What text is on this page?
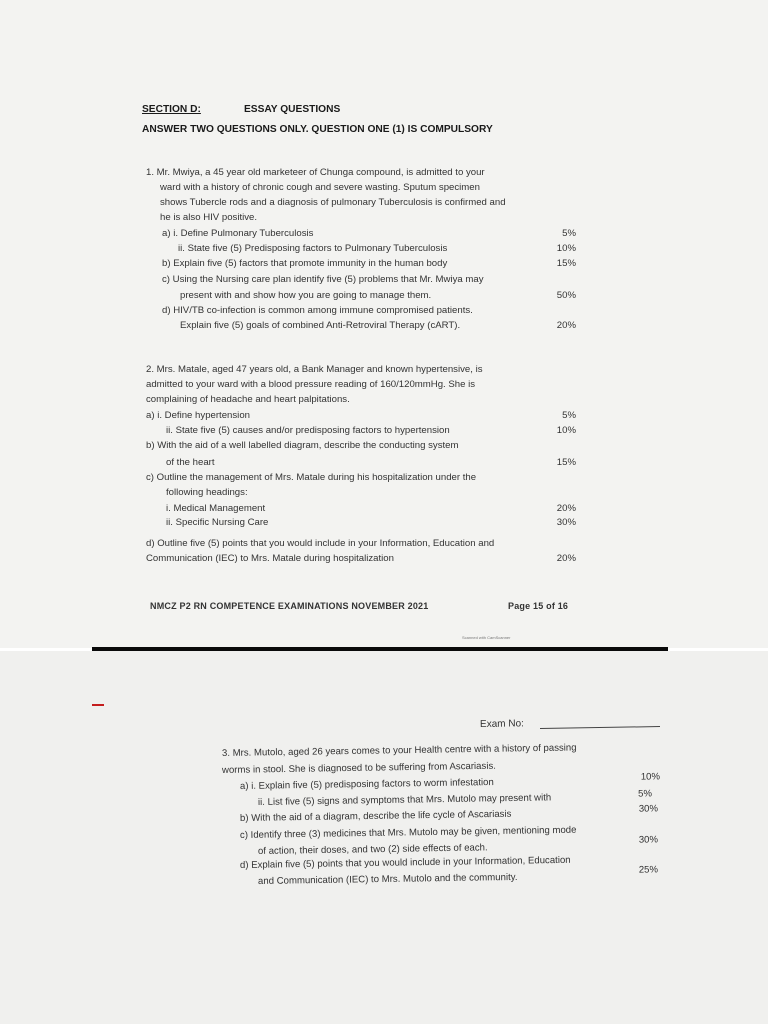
SECTION D:	ESSAY QUESTIONS
ANSWER TWO QUESTIONS ONLY. QUESTION ONE (1) IS COMPULSORY
1. Mr. Mwiya, a 45 year old marketeer of Chunga compound, is admitted to your
ward with a history of chronic cough and severe wasting. Sputum specimen
shows Tubercle rods and a diagnosis of pulmonary Tuberculosis is confirmed and
he is also HIV positive.
a) i. Define Pulmonary Tuberculosis	5%
ii. State five (5) Predisposing factors to Pulmonary Tuberculosis	10%
b) Explain five (5) factors that promote immunity in the human body	15%
c) Using the Nursing care plan identify five (5) problems that Mr. Mwiya may
present with and show how you are going to manage them.	50%
d) HIV/TB co-infection is common among immune compromised patients.
Explain five (5) goals of combined Anti-Retroviral Therapy (cART).	20%
2. Mrs. Matale, aged 47 years old, a Bank Manager and known hypertensive, is
admitted to your ward with a blood pressure reading of 160/120mmHg. She is
complaining of headache and heart palpitations.
a) i. Define hypertension	5%
ii. State five (5) causes and/or predisposing factors to hypertension	10%
b) With the aid of a well labelled diagram, describe the conducting system
of the heart	15%
c) Outline the management of Mrs. Matale during his hospitalization under the
following headings:
i. Medical Management	20%
ii. Specific Nursing Care	30%
d) Outline five (5) points that you would include in your Information, Education and
Communication (IEC) to Mrs. Matale during hospitalization	20%
NMCZ P2 RN COMPETENCE EXAMINATIONS NOVEMBER 2021	Page 15 of 16
Scanned with CamScanner
Exam No:
3. Mrs. Mutolo, aged 26 years comes to your Health centre with a history of passing
worms in stool. She is diagnosed to be suffering from Ascariasis.
a) i. Explain five (5) predisposing factors to worm infestation	10%
ii. List five (5) signs and symptoms that Mrs. Mutolo may present with	5%
b) With the aid of a diagram, describe the life cycle of Ascariasis	30%
c) Identify three (3) medicines that Mrs. Mutolo may be given, mentioning mode
of action, their doses, and two (2) side effects of each.
30%
d) Explain five (5) points that you would include in your Information, Education
and Communication (IEC) to Mrs. Mutolo and the community.
25%
